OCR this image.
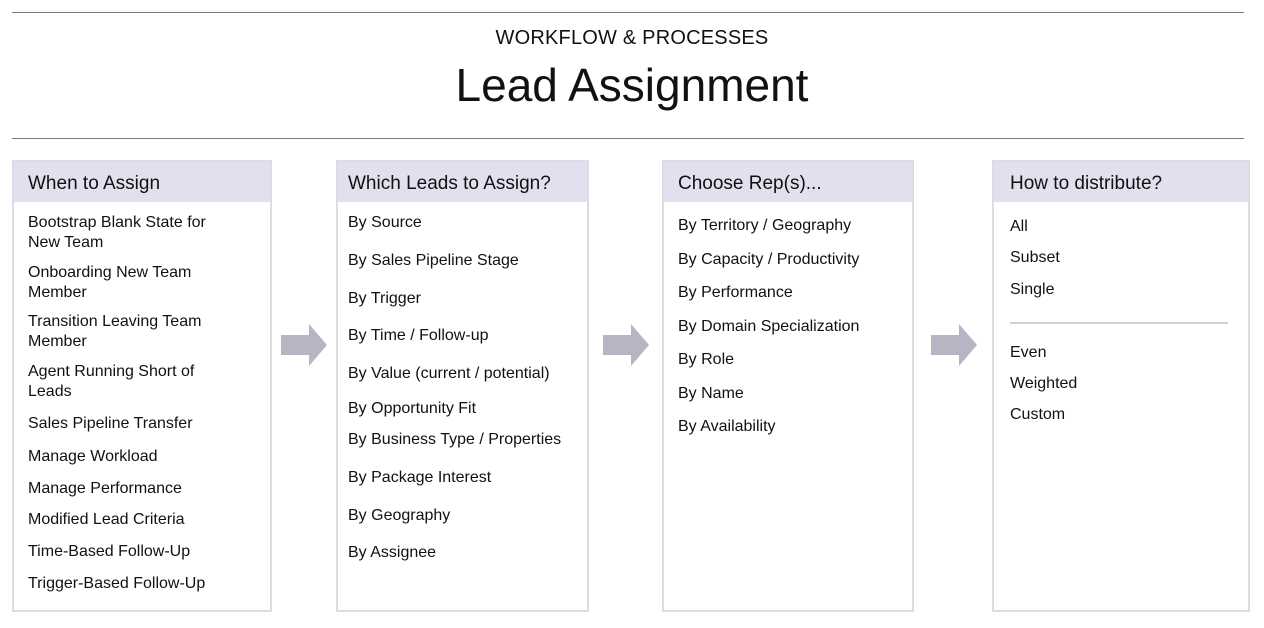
WORKFLOW & PROCESSES
Lead Assignment
When to Assign
Bootstrap Blank State for
New Team
Onboarding New Team
Member
Transition Leaving Team
Member
Agent Running Short of
Leads
Sales Pipeline Transfer
Manage Workload
Manage Performance
Modified Lead Criteria
Time-Based Follow-Up
Trigger-Based Follow-Up
Which Leads to Assign?
By Source
By Sales Pipeline Stage
By Trigger
By Time / Follow-up
By Value (current / potential)
By Opportunity Fit
By Business Type / Properties
By Package Interest
By Geography
By Assignee
Choose Rep(s)...
By Territory / Geography
By Capacity / Productivity
By Performance
By Domain Specialization
By Role
By Name
By Availability
How to distribute?
All
Subset
Single
Even
Weighted
Custom
